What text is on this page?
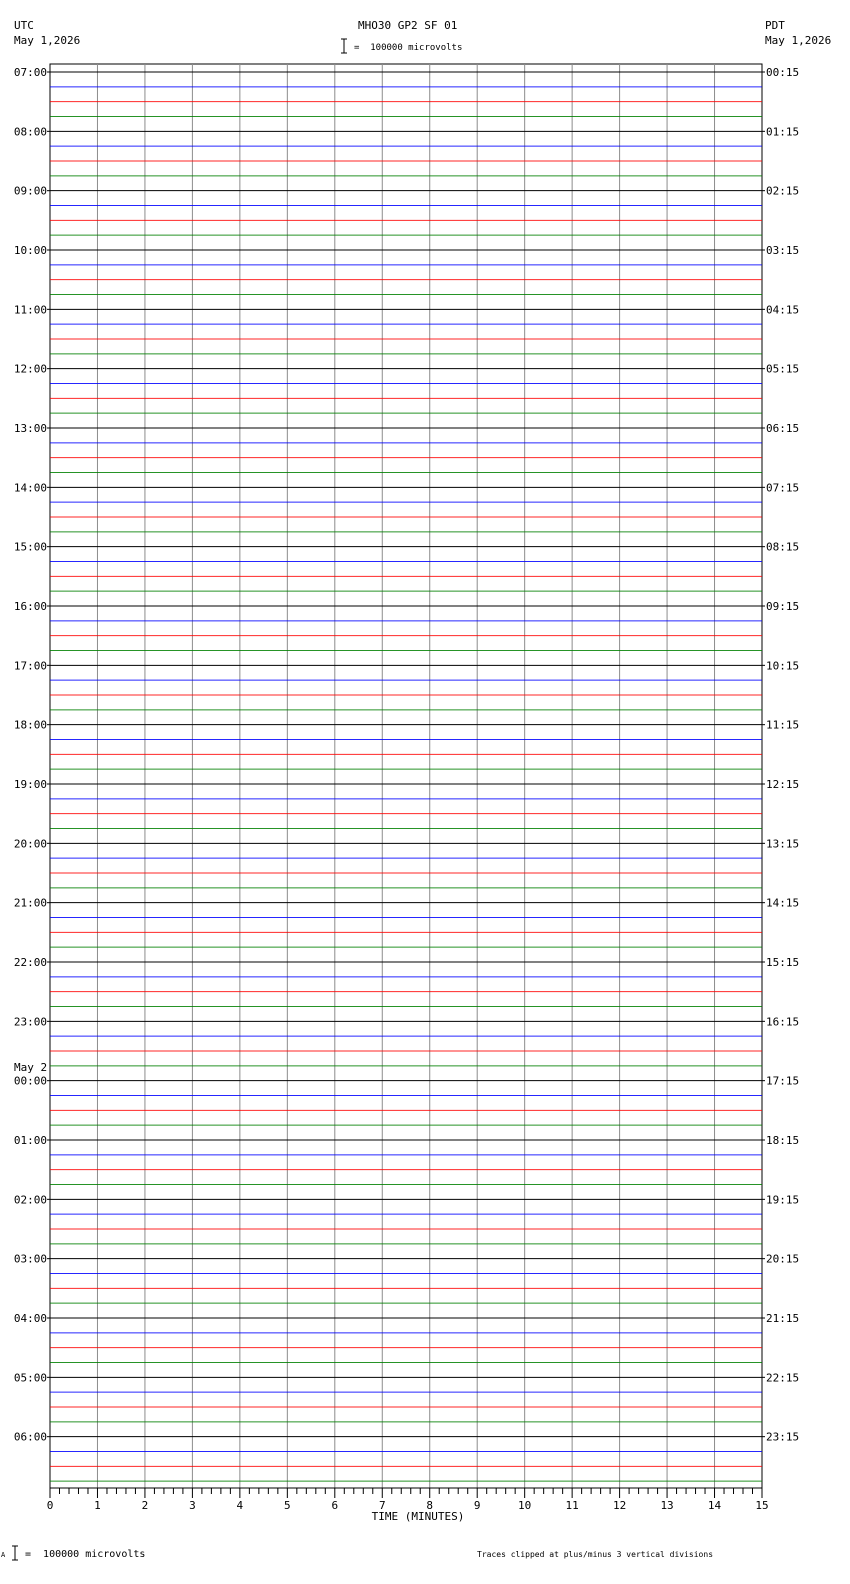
07:00
08:00
09:00
10:00
11:00
12:00
13:00
14:00
15:00
16:00
17:00
18:00
19:00
20:00
21:00
22:00
23:00
00:00
01:00
02:00
03:00
04:00
05:00
06:00
00:15
01:15
02:15
03:15
04:15
05:15
06:15
07:15
08:15
09:15
10:15
11:15
12:15
13:15
14:15
15:15
16:15
17:15
18:15
19:15
20:15
21:15
22:15
23:15
0	1	2	3	4	5	6	7	8	9	10	11	12	13	14	15
TIME (MINUTES)
UTC
May 1,2026
MHO30 GP2 SF 01
=  100000 microvolts
PDT
May 1,2026
May 2
A =  100000 microvolts	Traces clipped at plus/minus 3 vertical divisions
